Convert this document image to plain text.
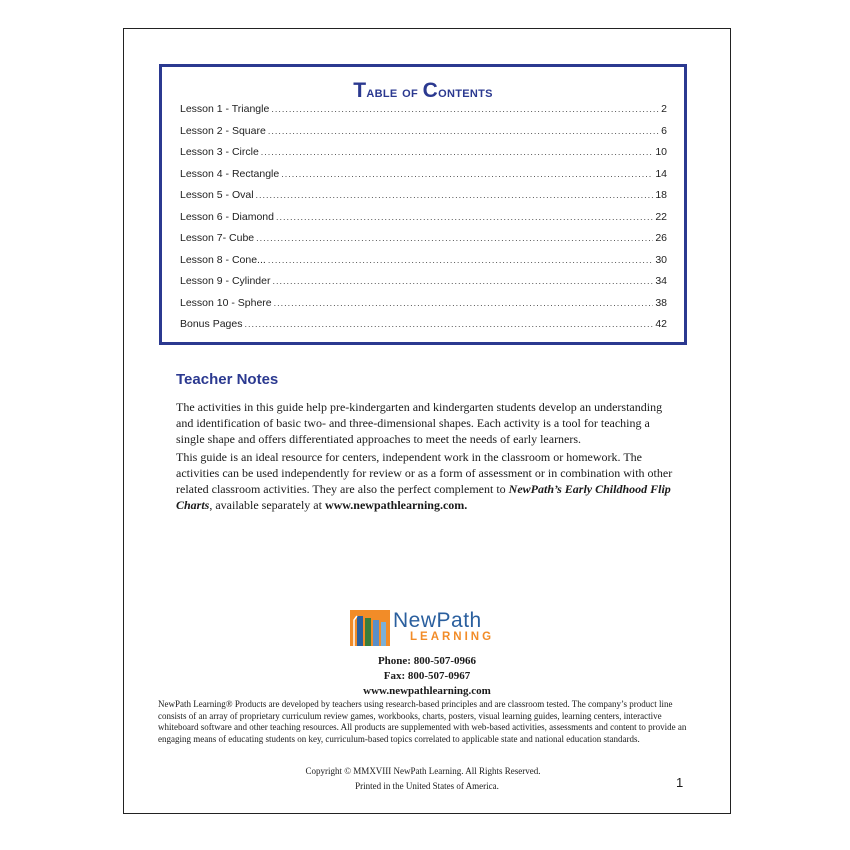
Table of Contents
Lesson 1 - Triangle .....	2
Lesson 2 - Square .....	6
Lesson 3 - Circle .....	10
Lesson 4 - Rectangle .....	14
Lesson 5 - Oval .....	18
Lesson 6 - Diamond .....	22
Lesson 7- Cube .....	26
Lesson 8 - Cone... .....	30
Lesson 9 - Cylinder .....	34
Lesson 10 - Sphere .....	38
Bonus Pages .....	42
Teacher Notes
The activities in this guide help pre-kindergarten and kindergarten students develop an understanding and identification of basic two- and three-dimensional shapes. Each activity is a tool for teaching a single shape and offers differentiated approaches to meet the needs of early learners.
This guide is an ideal resource for centers, independent work in the classroom or homework. The activities can be used independently for review or as a form of assessment or in combination with other related classroom activities. They are also the perfect complement to NewPath’s Early Childhood Flip Charts, available separately at www.newpathlearning.com.
NewPath
LEARNING
Phone: 800-507-0966
Fax: 800-507-0967
www.newpathlearning.com
NewPath Learning® Products are developed by teachers using research-based principles and are classroom tested. The company’s product line consists of an array of proprietary curriculum review games, workbooks, charts, posters, visual learning guides, learning centers, interactive whiteboard software and other teaching resources. All products are supplemented with web-based activities, assessments and content to provide an engaging means of educating students on key, curriculum-based topics correlated to applicable state and national education standards.
Copyright © MMXVIII NewPath Learning. All Rights Reserved.
Printed in the United States of America.	1
